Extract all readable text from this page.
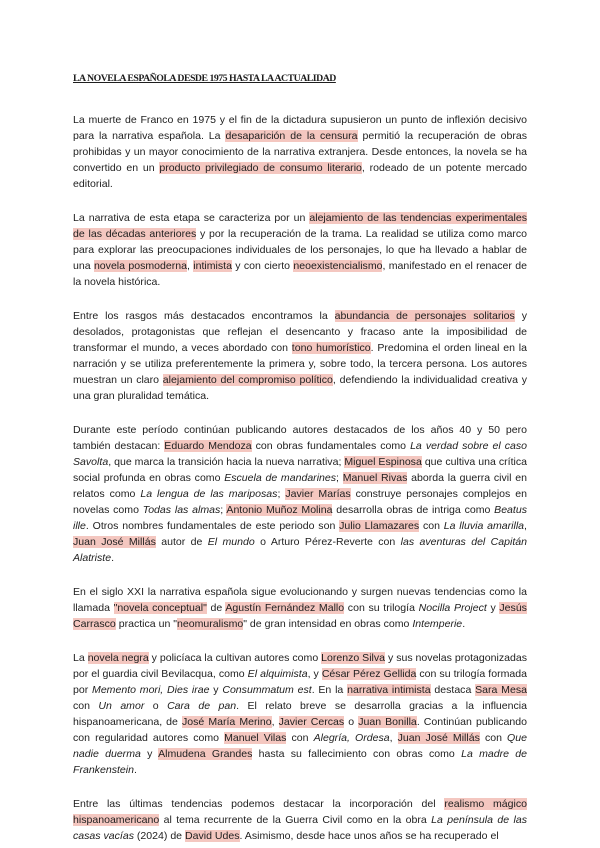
LA NOVELA ESPAÑOLA DESDE 1975 HASTA LA ACTUALIDAD

La muerte de Franco en 1975 y el fin de la dictadura supusieron un punto de inflexión decisivo para la narrativa española. La desaparición de la censura permitió la recuperación de obras prohibidas y un mayor conocimiento de la narrativa extranjera. Desde entonces, la novela se ha convertido en un producto privilegiado de consumo literario, rodeado de un potente mercado editorial.

La narrativa de esta etapa se caracteriza por un alejamiento de las tendencias experimentales de las décadas anteriores y por la recuperación de la trama. La realidad se utiliza como marco para explorar las preocupaciones individuales de los personajes, lo que ha llevado a hablar de una novela posmoderna, intimista y con cierto neoexistencialismo, manifestado en el renacer de la novela histórica.

Entre los rasgos más destacados encontramos la abundancia de personajes solitarios y desolados, protagonistas que reflejan el desencanto y fracaso ante la imposibilidad de transformar el mundo, a veces abordado con tono humorístico. Predomina el orden lineal en la narración y se utiliza preferentemente la primera y, sobre todo, la tercera persona. Los autores muestran un claro alejamiento del compromiso político, defendiendo la individualidad creativa y una gran pluralidad temática.

Durante este período continúan publicando autores destacados de los años 40 y 50 pero también destacan: Eduardo Mendoza con obras fundamentales como La verdad sobre el caso Savolta, que marca la transición hacia la nueva narrativa; Miguel Espinosa que cultiva una crítica social profunda en obras como Escuela de mandarines; Manuel Rivas aborda la guerra civil en relatos como La lengua de las mariposas; Javier Marías construye personajes complejos en novelas como Todas las almas; Antonio Muñoz Molina desarrolla obras de intriga como Beatus ille. Otros nombres fundamentales de este periodo son Julio Llamazares con La lluvia amarilla, Juan José Millás autor de El mundo o Arturo Pérez-Reverte con las aventuras del Capitán Alatriste.

En el siglo XXI la narrativa española sigue evolucionando y surgen nuevas tendencias como la llamada "novela conceptual" de Agustín Fernández Mallo con su trilogía Nocilla Project y Jesús Carrasco practica un "neomuralismo" de gran intensidad en obras como Intemperie.

La novela negra y policíaca la cultivan autores como Lorenzo Silva y sus novelas protagonizadas por el guardia civil Bevilacqua, como El alquimista, y César Pérez Gellida con su trilogía formada por Memento mori, Dies irae y Consummatum est. En la narrativa intimista destaca Sara Mesa con Un amor o Cara de pan. El relato breve se desarrolla gracias a la influencia hispanoamericana, de José María Merino, Javier Cercas o Juan Bonilla. Continúan publicando con regularidad autores como Manuel Vilas con Alegría, Ordesa, Juan José Millás con Que nadie duerma y Almudena Grandes hasta su fallecimiento con obras como La madre de Frankenstein.

Entre las últimas tendencias podemos destacar la incorporación del realismo mágico hispanoamericano al tema recurrente de la Guerra Civil como en la obra La península de las casas vacías (2024) de David Udes. Asimismo, desde hace unos años se ha recuperado el
